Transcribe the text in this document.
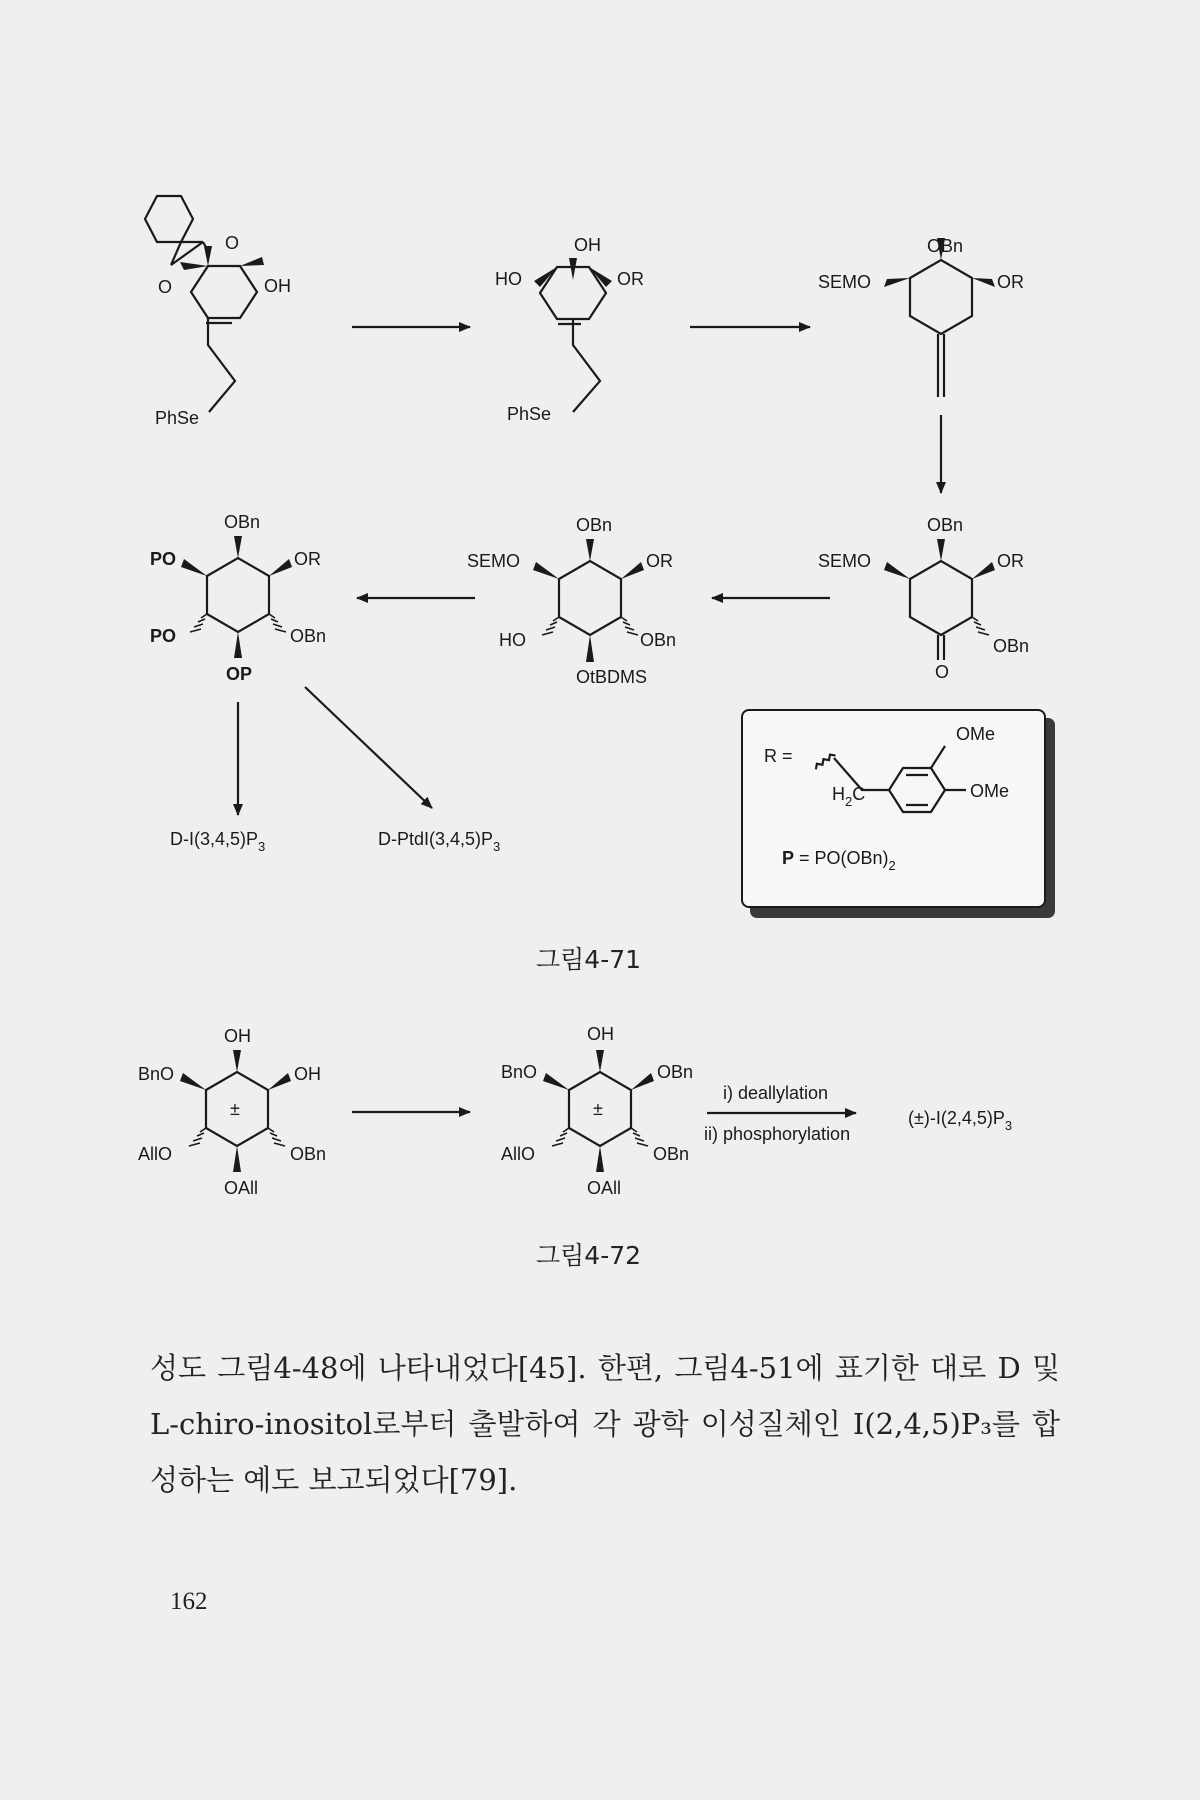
O
O	OH
PhSe
OH
HO	OR
PhSe
OBn
SEMO	OR
OBn
SEMO	OR
OBn
O
OBn
SEMO	OR
HO	OBn
OtBDMS
OBn
PO	OR
PO	OBn
OP
$D-I(3,4,5)P_3$	$D-PtdI(3,4,5)P_3$
R =
OMe
OMe
$H_2C$
$P = PO(OBn)_2$
그림4-71
OH
BnO	OH
±
AllO	OBn
OAll
OH
BnO	OBn
±
AllO	OBn
OAll
i) deallylation
ii) phosphorylation
$(\pm)-I(2,4,5)P_3$
그림4-72

성도 그림4-48에 나타내었다[45]. 한편, 그림4-51에 표기한 대로 D 및 L-chiro-inositol로부터 출발하여 각 광학 이성질체인 I(2,4,5)P₃를 합성하는 예도 보고되었다[79].

162
